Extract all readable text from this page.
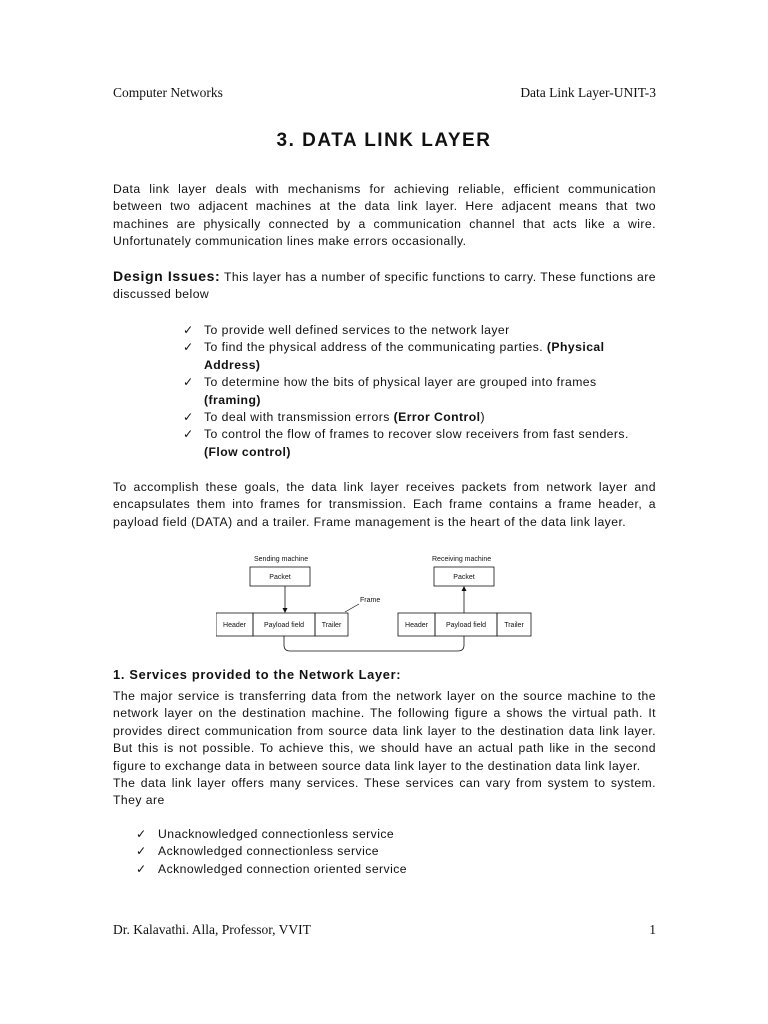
Computer Networks	Data Link Layer-UNIT-3
3. DATA LINK LAYER

Data link layer deals with mechanisms for achieving reliable, efficient communication between two adjacent machines at the data link layer. Here adjacent means that two machines are physically connected by a communication channel that acts like a wire. Unfortunately communication lines make errors occasionally.

Design Issues: This layer has a number of specific functions to carry. These functions are discussed below

✓ To provide well defined services to the network layer
✓ To find the physical address of the communicating parties. (Physical Address)
✓ To determine how the bits of physical layer are grouped into frames (framing)
✓ To deal with transmission errors (Error Control)
✓ To control the flow of frames to recover slow receivers from fast senders. (Flow control)

To accomplish these goals, the data link layer receives packets from network layer and encapsulates them into frames for transmission. Each frame contains a frame header, a payload field (DATA) and a trailer. Frame management is the heart of the data link layer.

Sending machine
Packet
Header	Payload field	Trailer
Frame
Receiving machine
Packet
Header	Payload field	Trailer
1. Services provided to the Network Layer:

The major service is transferring data from the network layer on the source machine to the network layer on the destination machine. The following figure a shows the virtual path. It provides direct communication from source data link layer to the destination data link layer. But this is not possible. To achieve this, we should have an actual path like in the second figure to exchange data in between source data link layer to the destination data link layer.
The data link layer offers many services. These services can vary from system to system. They are

✓ Unacknowledged connectionless service
✓ Acknowledged connectionless service
✓ Acknowledged connection oriented service
Dr. Kalavathi. Alla, Professor, VVIT	1
